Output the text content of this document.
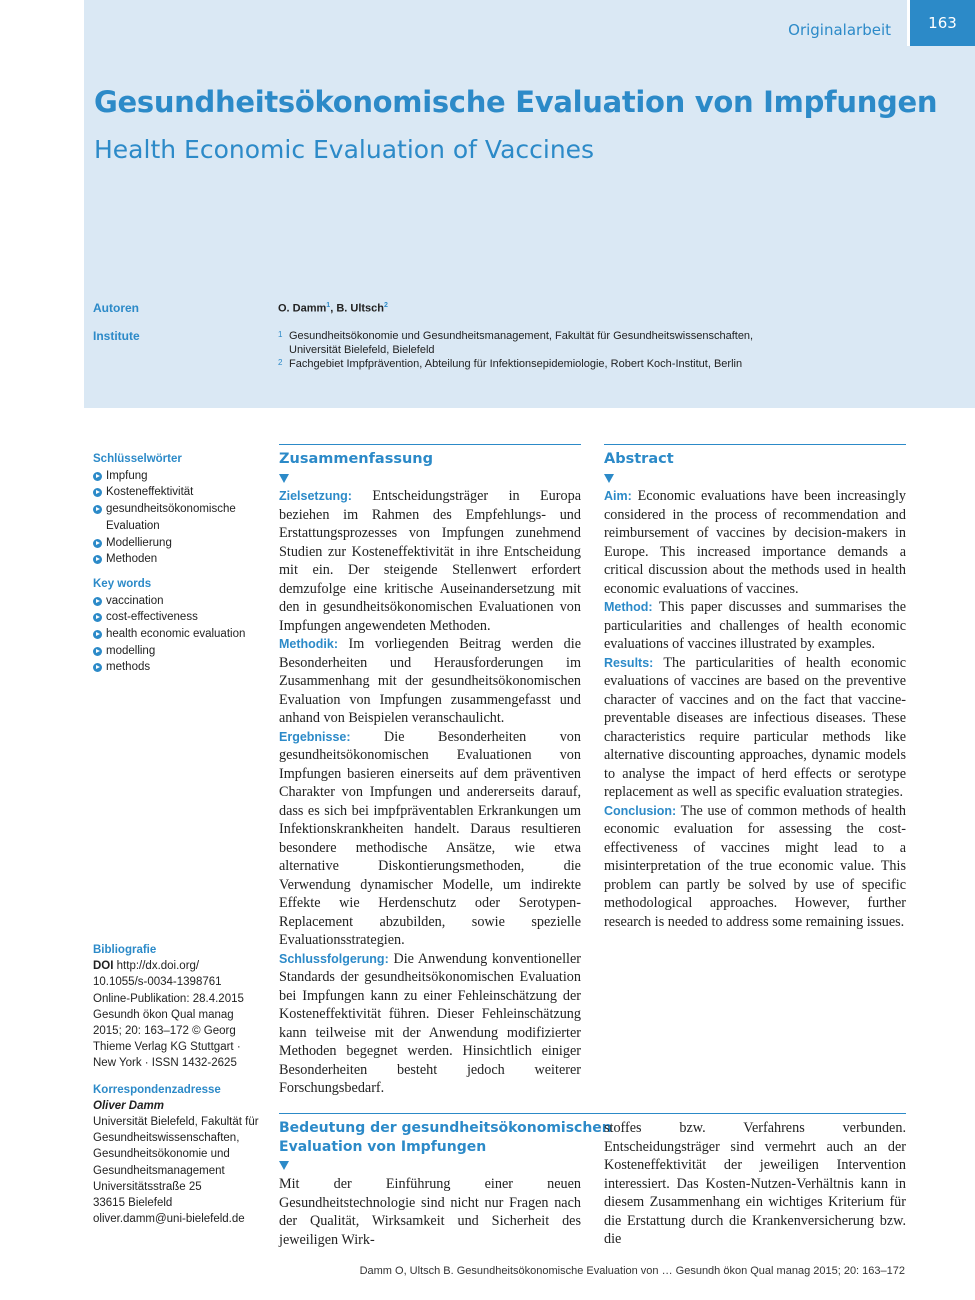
Originalarbeit	163
Gesundheitsökonomische Evaluation von Impfungen
Health Economic Evaluation of Vaccines
Autoren	O. Damm$^1$, B. Ultsch$^2$
Institute	1 Gesundheitsökonomie und Gesundheitsmanagement, Fakultät für Gesundheitswissenschaften,
Universität Bielefeld, Bielefeld
2 Fachgebiet Impfprävention, Abteilung für Infektionsepidemiologie, Robert Koch-Institut, Berlin
Schlüsselwörter
Impfung
Kosteneffektivität
gesundheitsökonomische Evaluation
Modellierung
Methoden
Key words
vaccination
cost-effectiveness
health economic evaluation
modelling
methods
Bibliografie
DOI http://dx.doi.org/
10.1055/s-0034-1398761
Online-Publikation: 28.4.2015
Gesundh ökon Qual manag
2015; 20: 163–172 © Georg
Thieme Verlag KG Stuttgart ·
New York · ISSN 1432-2625
Korrespondenzadresse
Oliver Damm
Universität Bielefeld, Fakultät für
Gesundheitswissenschaften,
Gesundheitsökonomie und
Gesundheitsmanagement
Universitätsstraße 25
33615 Bielefeld
oliver.damm@uni-bielefeld.de
Zusammenfassung

Zielsetzung: Entscheidungsträger in Europa beziehen im Rahmen des Empfehlungs- und Erstattungsprozesses von Impfungen zunehmend Studien zur Kosteneffektivität in ihre Entscheidung mit ein. Der steigende Stellenwert erfordert demzufolge eine kritische Auseinandersetzung mit den in gesundheitsökonomischen Evaluationen von Impfungen angewendeten Methoden.

Methodik: Im vorliegenden Beitrag werden die Besonderheiten und Herausforderungen im Zusammenhang mit der gesundheitsökonomischen Evaluation von Impfungen zusammengefasst und anhand von Beispielen veranschaulicht.

Ergebnisse: Die Besonderheiten von gesundheitsökonomischen Evaluationen von Impfungen basieren einerseits auf dem präventiven Charakter von Impfungen und andererseits darauf, dass es sich bei impfpräventablen Erkrankungen um Infektionskrankheiten handelt. Daraus resultieren besondere methodische Ansätze, wie etwa alternative Diskontierungsmethoden, die Verwendung dynamischer Modelle, um indirekte Effekte wie Herdenschutz oder Serotypen-Replacement abzubilden, sowie spezielle Evaluationsstrategien.

Schlussfolgerung: Die Anwendung konventioneller Standards der gesundheitsökonomischen Evaluation bei Impfungen kann zu einer Fehleinschätzung der Kosteneffektivität führen. Dieser Fehleinschätzung kann teilweise mit der Anwendung modifizierter Methoden begegnet werden. Hinsichtlich einiger Besonderheiten besteht jedoch weiterer Forschungsbedarf.

Abstract

Aim: Economic evaluations have been increasingly considered in the process of recommendation and reimbursement of vaccines by decision-makers in Europe. This increased importance demands a critical discussion about the methods used in health economic evaluations of vaccines.

Method: This paper discusses and summarises the particularities and challenges of health economic evaluations of vaccines illustrated by examples.

Results: The particularities of health economic evaluations of vaccines are based on the preventive character of vaccines and on the fact that vaccine-preventable diseases are infectious diseases. These characteristics require particular methods like alternative discounting approaches, dynamic models to analyse the impact of herd effects or serotype replacement as well as specific evaluation strategies.

Conclusion: The use of common methods of health economic evaluation for assessing the cost-effectiveness of vaccines might lead to a misinterpretation of the true economic value. This problem can partly be solved by use of specific methodological approaches. However, further research is needed to address some remaining issues.

Bedeutung der gesundheitsökonomischen
Evaluation von Impfungen
Mit der Einführung einer neuen Gesundheitstechnologie sind nicht nur Fragen nach der Qualität, Wirksamkeit und Sicherheit des jeweiligen Wirk-
stoffes bzw. Verfahrens verbunden. Entscheidungsträger sind vermehrt auch an der Kosteneffektivität der jeweiligen Intervention interessiert. Das Kosten-Nutzen-Verhältnis kann in diesem Zusammenhang ein wichtiges Kriterium für die Erstattung durch die Krankenversicherung bzw. die
Damm O, Ultsch B. Gesundheitsökonomische Evaluation von … Gesundh ökon Qual manag 2015; 20: 163–172
